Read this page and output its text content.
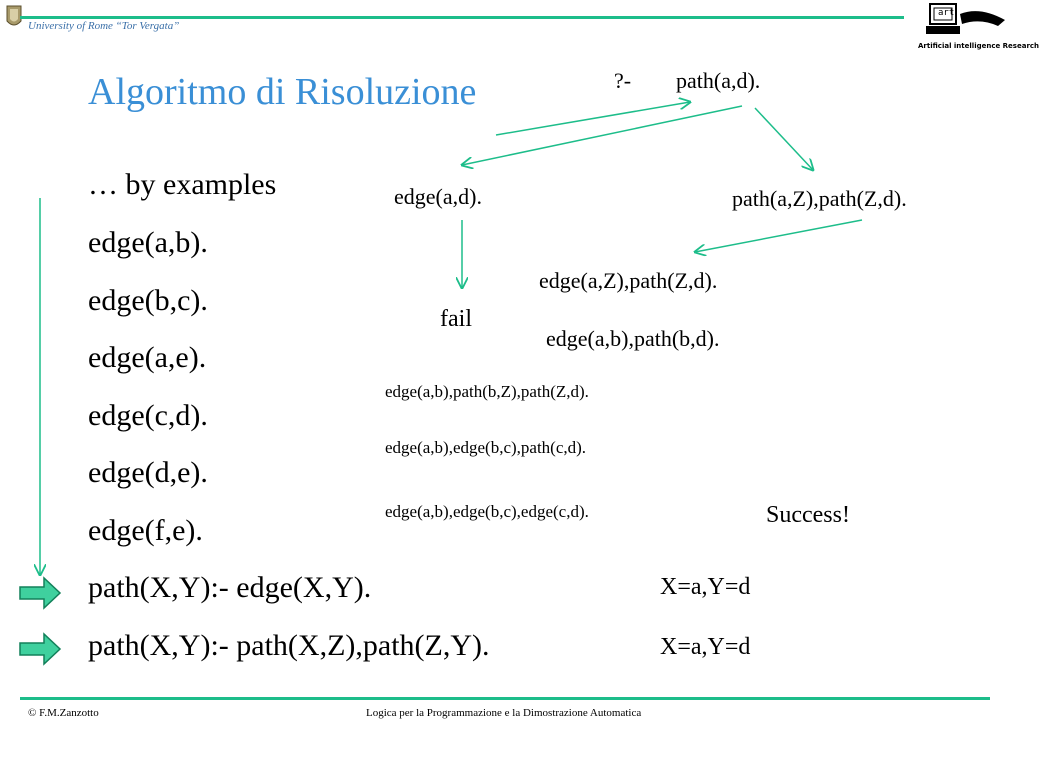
University of Rome “Tor Vergata”
art
Artificial intelligence Research
Algoritmo di Risoluzione
… by examples
edge(a,b).
edge(b,c).
edge(a,e).
edge(c,d).
edge(d,e).
edge(f,e).
path(X,Y):- edge(X,Y).
path(X,Y):- path(X,Z),path(Z,Y).
?- path(a,d).
edge(a,d).	path(a,Z),path(Z,d).
fail
edge(a,Z),path(Z,d).
edge(a,b),path(b,d).
edge(a,b),path(b,Z),path(Z,d).
edge(a,b),edge(b,c),path(c,d).
edge(a,b),edge(b,c),edge(c,d).	Success!
X=a,Y=d
X=a,Y=d
© F.M.Zanzotto	Logica per la Programmazione e la Dimostrazione Automatica
